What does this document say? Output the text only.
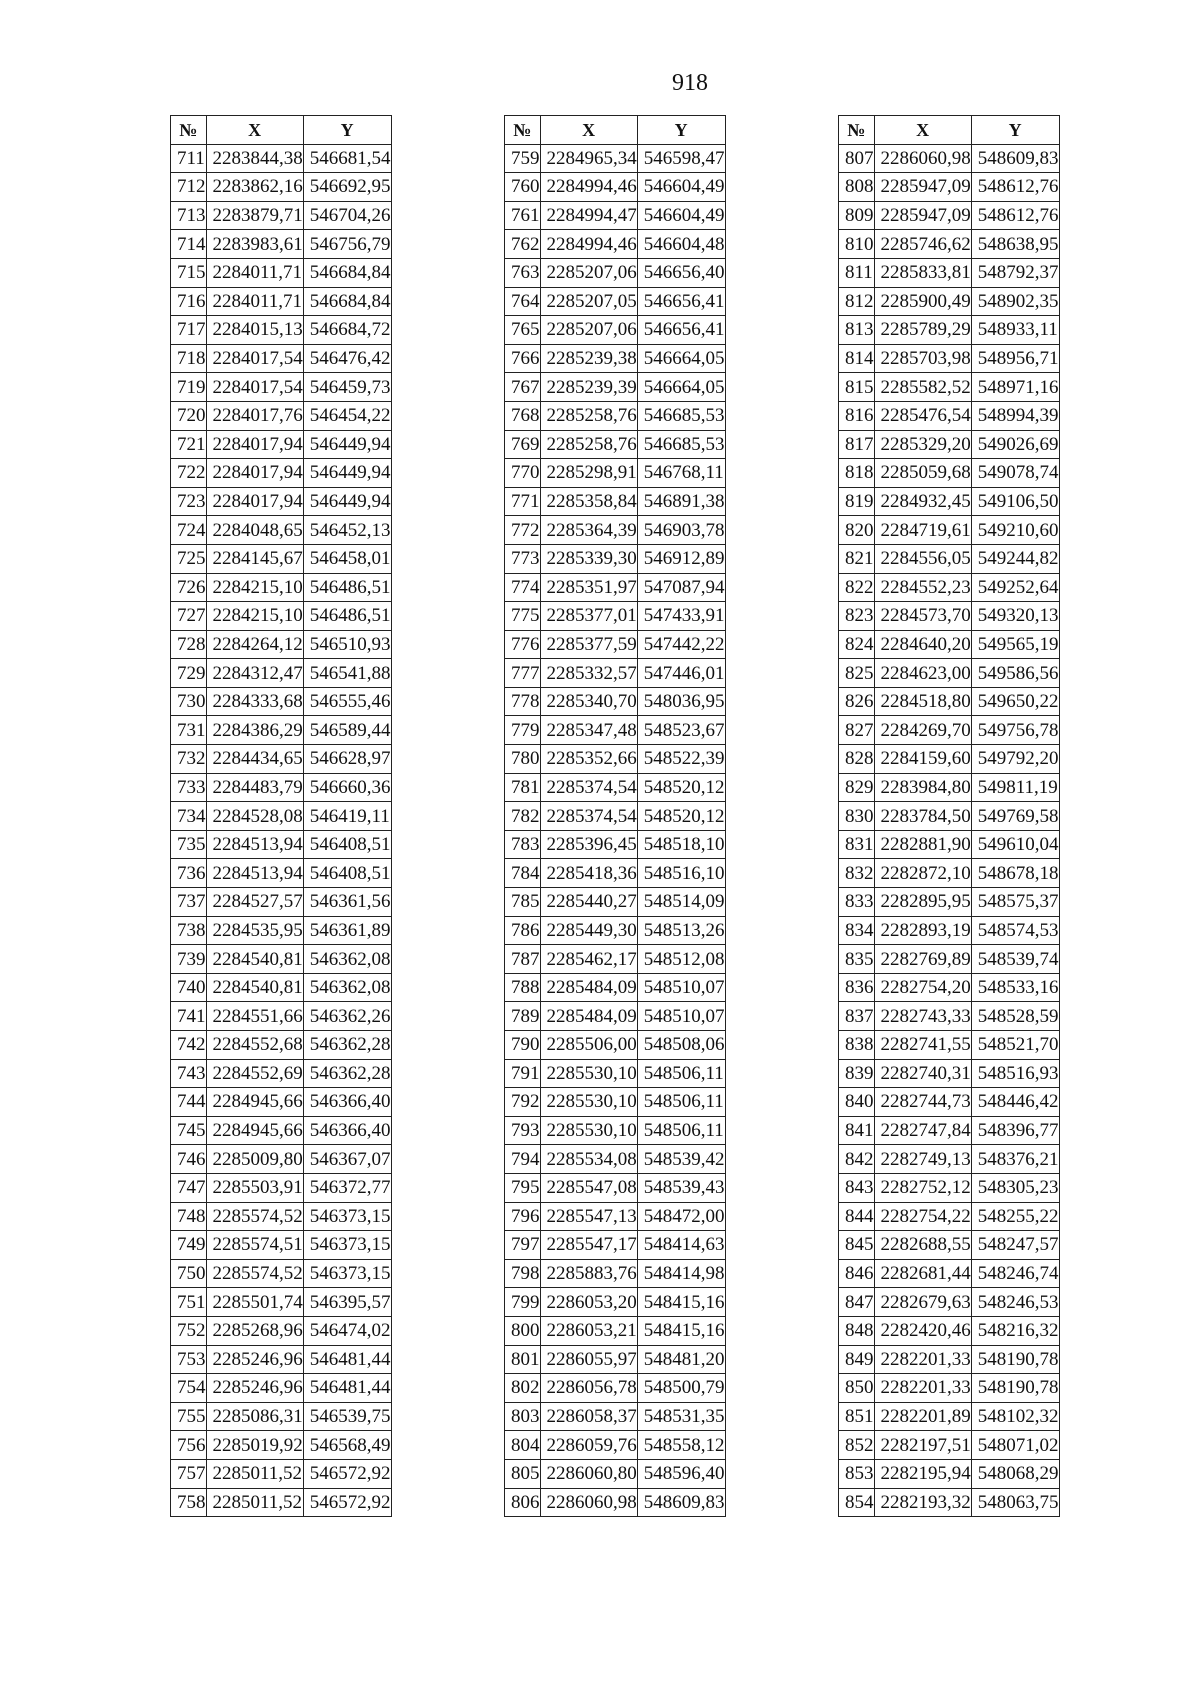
918
№	X	Y
711	2283844,38	546681,54
712	2283862,16	546692,95
713	2283879,71	546704,26
714	2283983,61	546756,79
715	2284011,71	546684,84
716	2284011,71	546684,84
717	2284015,13	546684,72
718	2284017,54	546476,42
719	2284017,54	546459,73
720	2284017,76	546454,22
721	2284017,94	546449,94
722	2284017,94	546449,94
723	2284017,94	546449,94
724	2284048,65	546452,13
725	2284145,67	546458,01
726	2284215,10	546486,51
727	2284215,10	546486,51
728	2284264,12	546510,93
729	2284312,47	546541,88
730	2284333,68	546555,46
731	2284386,29	546589,44
732	2284434,65	546628,97
733	2284483,79	546660,36
734	2284528,08	546419,11
735	2284513,94	546408,51
736	2284513,94	546408,51
737	2284527,57	546361,56
738	2284535,95	546361,89
739	2284540,81	546362,08
740	2284540,81	546362,08
741	2284551,66	546362,26
742	2284552,68	546362,28
743	2284552,69	546362,28
744	2284945,66	546366,40
745	2284945,66	546366,40
746	2285009,80	546367,07
747	2285503,91	546372,77
748	2285574,52	546373,15
749	2285574,51	546373,15
750	2285574,52	546373,15
751	2285501,74	546395,57
752	2285268,96	546474,02
753	2285246,96	546481,44
754	2285246,96	546481,44
755	2285086,31	546539,75
756	2285019,92	546568,49
757	2285011,52	546572,92
758	2285011,52	546572,92
№	X	Y
759	2284965,34	546598,47
760	2284994,46	546604,49
761	2284994,47	546604,49
762	2284994,46	546604,48
763	2285207,06	546656,40
764	2285207,05	546656,41
765	2285207,06	546656,41
766	2285239,38	546664,05
767	2285239,39	546664,05
768	2285258,76	546685,53
769	2285258,76	546685,53
770	2285298,91	546768,11
771	2285358,84	546891,38
772	2285364,39	546903,78
773	2285339,30	546912,89
774	2285351,97	547087,94
775	2285377,01	547433,91
776	2285377,59	547442,22
777	2285332,57	547446,01
778	2285340,70	548036,95
779	2285347,48	548523,67
780	2285352,66	548522,39
781	2285374,54	548520,12
782	2285374,54	548520,12
783	2285396,45	548518,10
784	2285418,36	548516,10
785	2285440,27	548514,09
786	2285449,30	548513,26
787	2285462,17	548512,08
788	2285484,09	548510,07
789	2285484,09	548510,07
790	2285506,00	548508,06
791	2285530,10	548506,11
792	2285530,10	548506,11
793	2285530,10	548506,11
794	2285534,08	548539,42
795	2285547,08	548539,43
796	2285547,13	548472,00
797	2285547,17	548414,63
798	2285883,76	548414,98
799	2286053,20	548415,16
800	2286053,21	548415,16
801	2286055,97	548481,20
802	2286056,78	548500,79
803	2286058,37	548531,35
804	2286059,76	548558,12
805	2286060,80	548596,40
806	2286060,98	548609,83
№	X	Y
807	2286060,98	548609,83
808	2285947,09	548612,76
809	2285947,09	548612,76
810	2285746,62	548638,95
811	2285833,81	548792,37
812	2285900,49	548902,35
813	2285789,29	548933,11
814	2285703,98	548956,71
815	2285582,52	548971,16
816	2285476,54	548994,39
817	2285329,20	549026,69
818	2285059,68	549078,74
819	2284932,45	549106,50
820	2284719,61	549210,60
821	2284556,05	549244,82
822	2284552,23	549252,64
823	2284573,70	549320,13
824	2284640,20	549565,19
825	2284623,00	549586,56
826	2284518,80	549650,22
827	2284269,70	549756,78
828	2284159,60	549792,20
829	2283984,80	549811,19
830	2283784,50	549769,58
831	2282881,90	549610,04
832	2282872,10	548678,18
833	2282895,95	548575,37
834	2282893,19	548574,53
835	2282769,89	548539,74
836	2282754,20	548533,16
837	2282743,33	548528,59
838	2282741,55	548521,70
839	2282740,31	548516,93
840	2282744,73	548446,42
841	2282747,84	548396,77
842	2282749,13	548376,21
843	2282752,12	548305,23
844	2282754,22	548255,22
845	2282688,55	548247,57
846	2282681,44	548246,74
847	2282679,63	548246,53
848	2282420,46	548216,32
849	2282201,33	548190,78
850	2282201,33	548190,78
851	2282201,89	548102,32
852	2282197,51	548071,02
853	2282195,94	548068,29
854	2282193,32	548063,75
